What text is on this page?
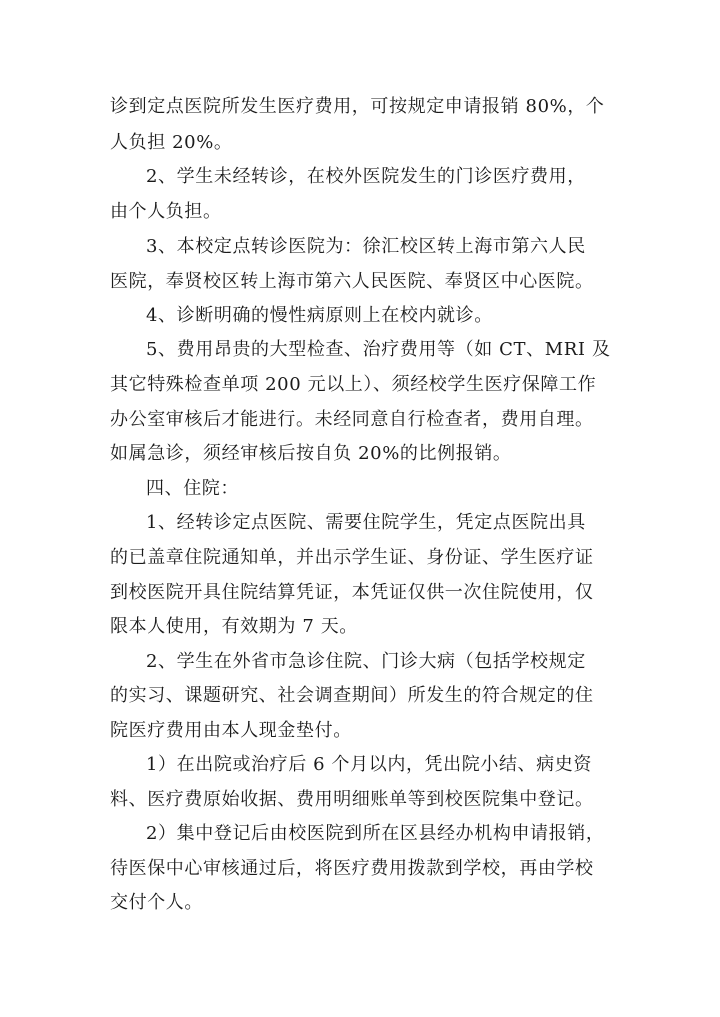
诊到定点医院所发生医疗费用，可按规定申请报销 80%，个
人负担 20%。
2、学生未经转诊，在校外医院发生的门诊医疗费用，
由个人负担。
3、本校定点转诊医院为：徐汇校区转上海市第六人民
医院，奉贤校区转上海市第六人民医院、奉贤区中心医院。
4、诊断明确的慢性病原则上在校内就诊。
5、费用昂贵的大型检查、治疗费用等（如 CT、MRI 及
其它特殊检查单项 200 元以上）、须经校学生医疗保障工作
办公室审核后才能进行。未经同意自行检查者，费用自理。
如属急诊，须经审核后按自负 20%的比例报销。
四、住院：
1、经转诊定点医院、需要住院学生，凭定点医院出具
的已盖章住院通知单，并出示学生证、身份证、学生医疗证
到校医院开具住院结算凭证，本凭证仅供一次住院使用，仅
限本人使用，有效期为 7 天。
2、学生在外省市急诊住院、门诊大病（包括学校规定
的实习、课题研究、社会调查期间）所发生的符合规定的住
院医疗费用由本人现金垫付。
1）在出院或治疗后 6 个月以内，凭出院小结、病史资
料、医疗费原始收据、费用明细账单等到校医院集中登记。
2）集中登记后由校医院到所在区县经办机构申请报销，
待医保中心审核通过后，将医疗费用拨款到学校，再由学校
交付个人。
